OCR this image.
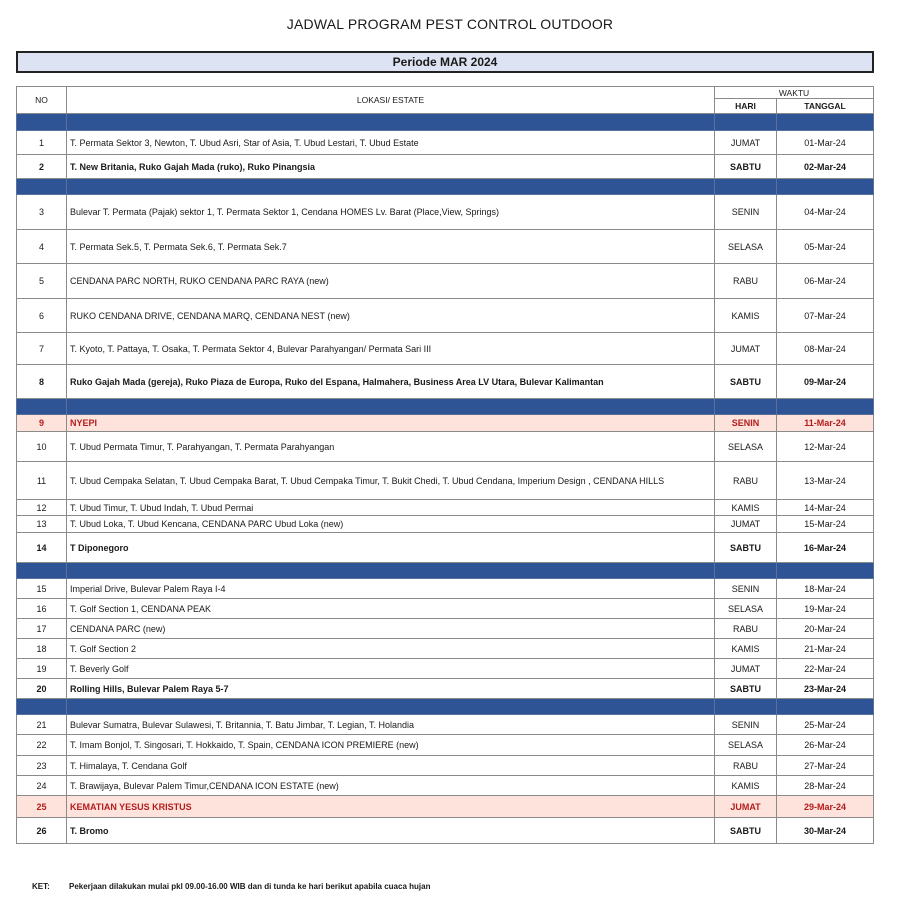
JADWAL PROGRAM PEST CONTROL OUTDOOR
Periode MAR 2024
NO	LOKASI/ ESTATE	WAKTU	
		HARI	TANGGAL

1	T. Permata Sektor 3, Newton, T. Ubud Asri, Star of Asia, T. Ubud Lestari, T. Ubud Estate	JUMAT	01-Mar-24
2	T. New Britania, Ruko Gajah Mada (ruko), Ruko Pinangsia	SABTU	02-Mar-24

3	Bulevar T. Permata (Pajak) sektor 1, T. Permata Sektor 1, Cendana HOMES Lv. Barat (Place,View, Springs)	SENIN	04-Mar-24
4	T. Permata Sek.5, T. Permata Sek.6, T. Permata Sek.7	SELASA	05-Mar-24
5	CENDANA PARC NORTH, RUKO CENDANA PARC RAYA (new)	RABU	06-Mar-24
6	RUKO CENDANA DRIVE, CENDANA MARQ, CENDANA NEST (new)	KAMIS	07-Mar-24
7	T. Kyoto, T. Pattaya, T. Osaka, T. Permata Sektor 4, Bulevar Parahyangan/ Permata Sari III	JUMAT	08-Mar-24
8	Ruko Gajah Mada (gereja), Ruko Piaza de Europa, Ruko del Espana, Halmahera, Business Area LV Utara, Bulevar Kalimantan	SABTU	09-Mar-24

9	NYEPI	SENIN	11-Mar-24
10	T. Ubud Permata Timur, T. Parahyangan, T. Permata Parahyangan	SELASA	12-Mar-24
11	T. Ubud Cempaka Selatan, T. Ubud Cempaka Barat, T. Ubud Cempaka Timur, T. Bukit Chedi, T. Ubud Cendana, Imperium Design , CENDANA HILLS	RABU	13-Mar-24
12	T. Ubud Timur, T. Ubud Indah, T. Ubud Permai	KAMIS	14-Mar-24
13	T. Ubud Loka, T. Ubud Kencana, CENDANA PARC Ubud Loka (new)	JUMAT	15-Mar-24
14	T Diponegoro	SABTU	16-Mar-24

15	Imperial Drive, Bulevar Palem Raya I-4	SENIN	18-Mar-24
16	T. Golf Section 1, CENDANA PEAK	SELASA	19-Mar-24
17	CENDANA PARC (new)	RABU	20-Mar-24
18	T. Golf Section 2	KAMIS	21-Mar-24
19	T. Beverly Golf	JUMAT	22-Mar-24
20	Rolling Hills, Bulevar Palem Raya 5-7	SABTU	23-Mar-24

21	Bulevar Sumatra, Bulevar Sulawesi, T. Britannia, T. Batu Jimbar, T. Legian, T. Holandia	SENIN	25-Mar-24
22	T. Imam Bonjol, T. Singosari, T. Hokkaido, T. Spain, CENDANA ICON PREMIERE (new)	SELASA	26-Mar-24
23	T. Himalaya, T. Cendana Golf	RABU	27-Mar-24
24	T. Brawijaya, Bulevar Palem Timur,CENDANA ICON ESTATE (new)	KAMIS	28-Mar-24
25	KEMATIAN YESUS KRISTUS	JUMAT	29-Mar-24
26	T. Bromo	SABTU	30-Mar-24
KET: Pekerjaan dilakukan mulai pkl 09.00-16.00 WIB dan di tunda ke hari berikut apabila cuaca hujan
